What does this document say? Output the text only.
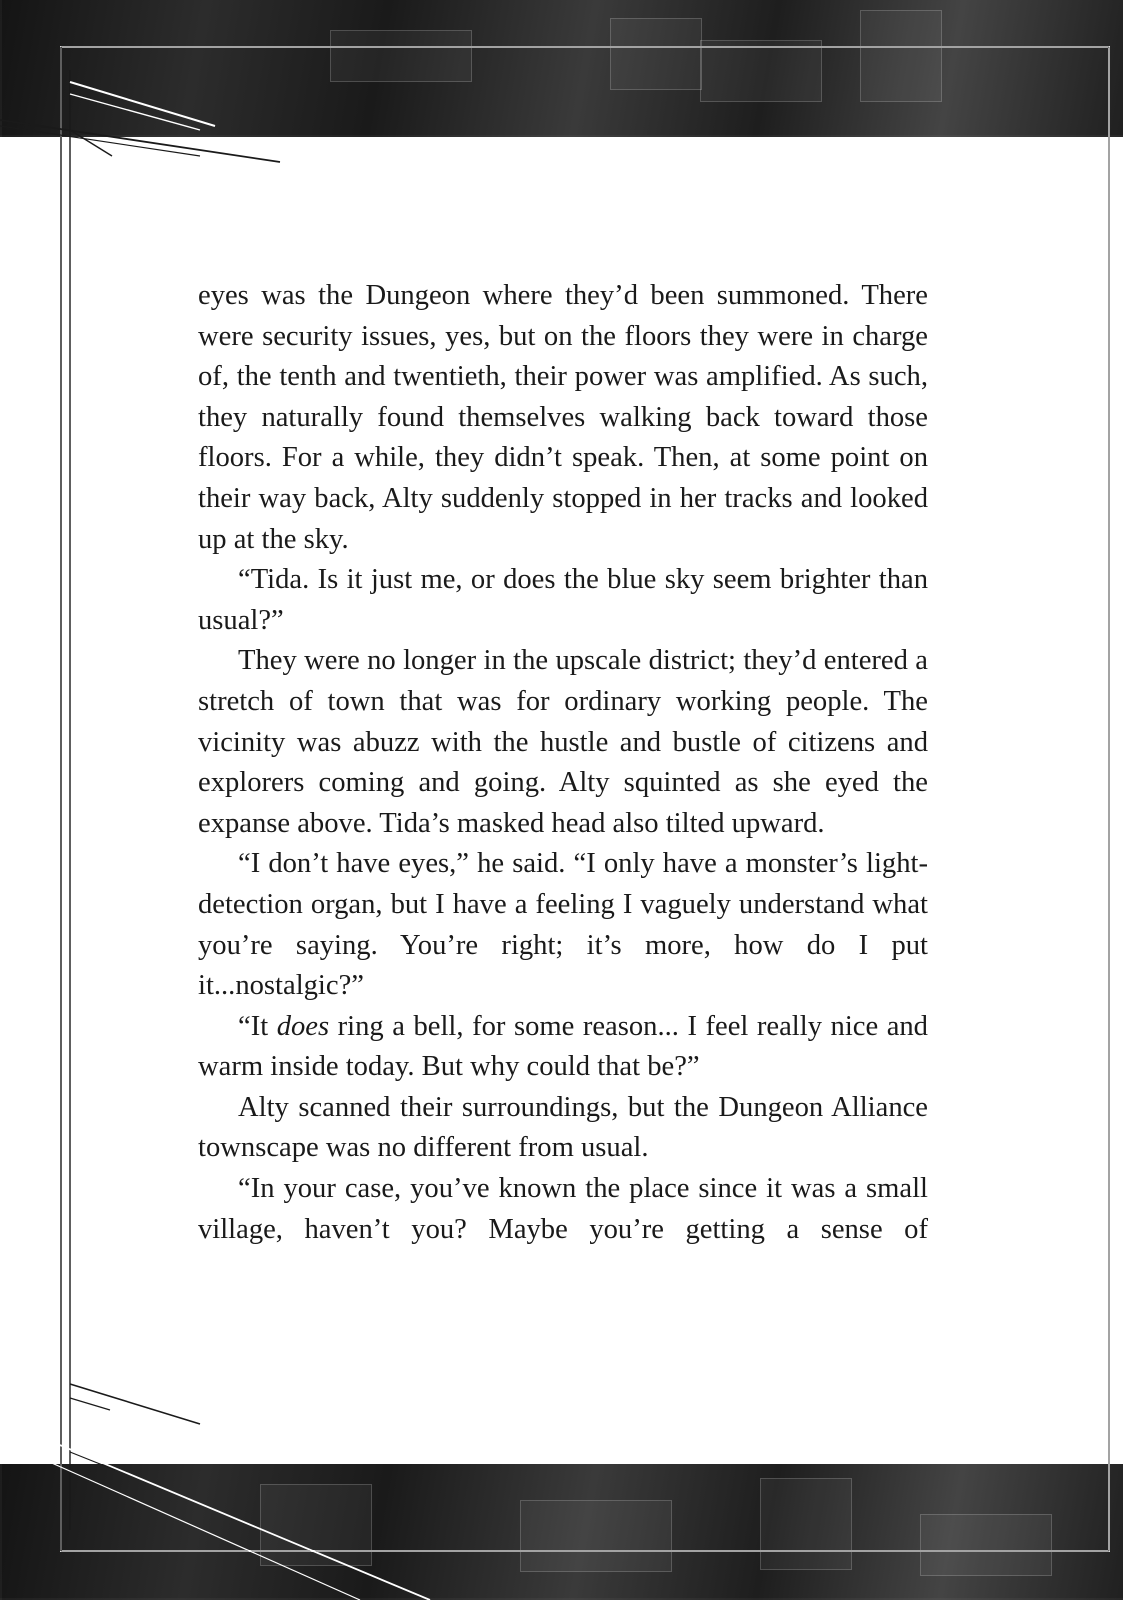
eyes was the Dungeon where they’d been summoned. There were security issues, yes, but on the floors they were in charge of, the tenth and twentieth, their power was amplified. As such, they naturally found themselves walking back toward those floors. For a while, they didn’t speak. Then, at some point on their way back, Alty suddenly stopped in her tracks and looked up at the sky.

“Tida. Is it just me, or does the blue sky seem brighter than usual?”

They were no longer in the upscale district; they’d entered a stretch of town that was for ordinary working people. The vicinity was abuzz with the hustle and bustle of citizens and explorers coming and going. Alty squinted as she eyed the expanse above. Tida’s masked head also tilted upward.

“I don’t have eyes,” he said. “I only have a monster’s light-detection organ, but I have a feeling I vaguely understand what you’re saying. You’re right; it’s more, how do I put it...nostalgic?”

“It does ring a bell, for some reason... I feel really nice and warm inside today. But why could that be?”

Alty scanned their surroundings, but the Dungeon Alliance townscape was no different from usual.

“In your case, you’ve known the place since it was a small village, haven’t you? Maybe you’re getting a sense of
